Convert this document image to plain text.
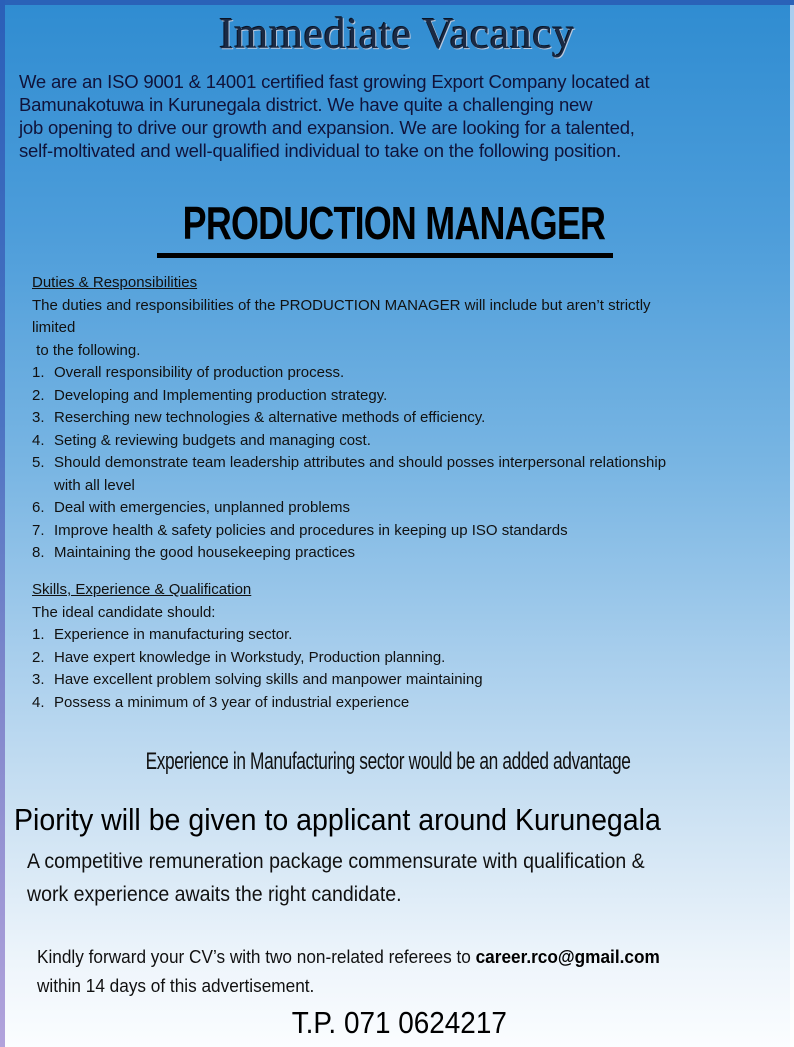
Immediate Vacancy
We are an ISO 9001 & 14001 certified fast growing Export Company located at
Bamunakotuwa in Kurunegala district. We have quite a challenging new
job opening to drive our growth and expansion. We are looking for a talented,
self-moltivated and well-qualified individual to take on the following position.
PRODUCTION MANAGER
Duties & Responsibilities
The duties and responsibilities of the PRODUCTION MANAGER will include but aren’t strictly
limited
to the following.
1. Overall responsibility of production process.
2. Developing and Implementing production strategy.
3. Reserching new technologies & alternative methods of efficiency.
4. Seting & reviewing budgets and managing cost.
5. Should demonstrate team leadership attributes and should posses interpersonal relationship
with all level
6. Deal with emergencies, unplanned problems
7. Improve health & safety policies and procedures in keeping up ISO standards
8. Maintaining the good housekeeping practices
Skills, Experience & Qualification
The ideal candidate should:
1. Experience in manufacturing sector.
2. Have expert knowledge in Workstudy, Production planning.
3. Have excellent problem solving skills and manpower maintaining
4. Possess a minimum of 3 year of industrial experience
Experience in Manufacturing sector would be an added advantage
Piority will be given to applicant around Kurunegala
A competitive remuneration package commensurate with qualification &
work experience awaits the right candidate.
Kindly forward your CV’s with two non-related referees to career.rco@gmail.com
within 14 days of this advertisement.
T.P. 071 0624217
